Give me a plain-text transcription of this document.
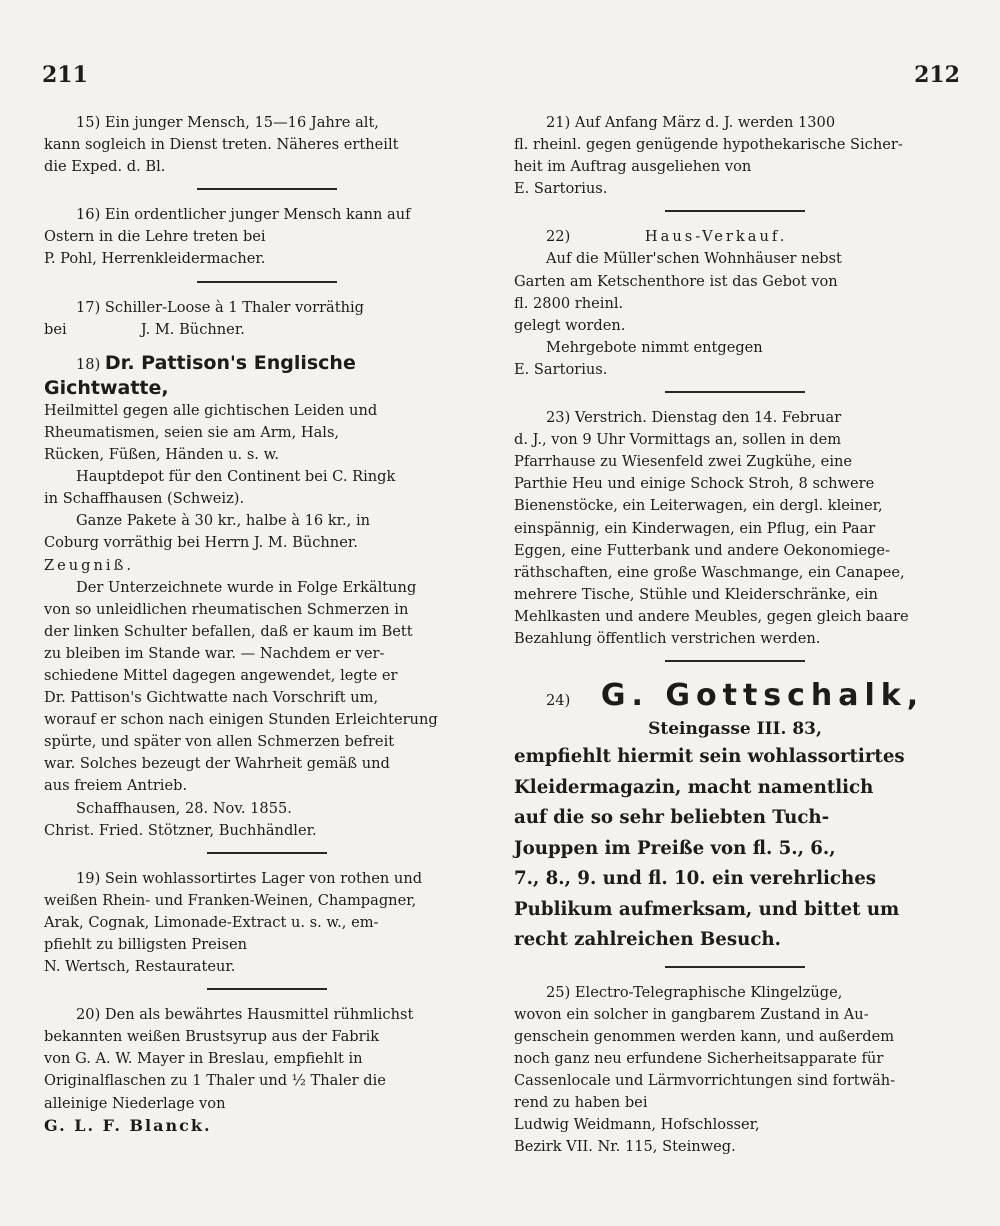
211	212

15) Ein junger Mensch, 15—16 Jahre alt,

kann sogleich in Dienst treten. Näheres ertheilt

die Exped. d. Bl.

16) Ein ordentlicher junger Mensch kann auf

Ostern in die Lehre treten bei

P. Pohl, Herrenkleidermacher.

17) Schiller-Loose à 1 Thaler vorräthig

bei                J. M. Büchner.

18) Dr. Pattison's Englische

Gichtwatte,

Heilmittel gegen alle gichtischen Leiden und

Rheumatismen, seien sie am Arm, Hals,

Rücken, Füßen, Händen u. s. w.

Hauptdepot für den Continent bei C. Ringk

in Schaffhausen (Schweiz).

Ganze Pakete à 30 kr., halbe à 16 kr., in

Coburg vorräthig bei Herrn J. M. Büchner.

Zeugniß.

Der Unterzeichnete wurde in Folge Erkältung

von so unleidlichen rheumatischen Schmerzen in

der linken Schulter befallen, daß er kaum im Bett

zu bleiben im Stande war. — Nachdem er ver-

schiedene Mittel dagegen angewendet, legte er

Dr. Pattison's Gichtwatte nach Vorschrift um,

worauf er schon nach einigen Stunden Erleichterung

spürte, und später von allen Schmerzen befreit

war. Solches bezeugt der Wahrheit gemäß und

aus freiem Antrieb.

Schaffhausen, 28. Nov. 1855.

Christ. Fried. Stötzner, Buchhändler.

19) Sein wohlassortirtes Lager von rothen und

weißen Rhein- und Franken-Weinen, Champagner,

Arak, Cognak, Limonade-Extract u. s. w., em-

pfiehlt zu billigsten Preisen

N. Wertsch, Restaurateur.

20) Den als bewährtes Hausmittel rühmlichst

bekannten weißen Brustsyrup aus der Fabrik

von G. A. W. Mayer in Breslau, empfiehlt in

Originalflaschen zu 1 Thaler und ½ Thaler die

alleinige Niederlage von

G. L. F. Blanck.

21) Auf Anfang März d. J. werden 1300

fl. rheinl. gegen genügende hypothekarische Sicher-

heit im Auftrag ausgeliehen von

E. Sartorius.

22)	Haus-Verkauf.

Auf die Müller'schen Wohnhäuser nebst

Garten am Ketschenthore ist das Gebot von

fl. 2800 rheinl.

gelegt worden.

Mehrgebote nimmt entgegen

E. Sartorius.

23) Verstrich. Dienstag den 14. Februar

d. J., von 9 Uhr Vormittags an, sollen in dem

Pfarrhause zu Wiesenfeld zwei Zugkühe, eine

Parthie Heu und einige Schock Stroh, 8 schwere

Bienenstöcke, ein Leiterwagen, ein dergl. kleiner,

einspännig, ein Kinderwagen, ein Pflug, ein Paar

Eggen, eine Futterbank und andere Oekonomiege-

räthschaften, eine große Waschmange, ein Canapee,

mehrere Tische, Stühle und Kleiderschränke, ein

Mehlkasten und andere Meubles, gegen gleich baare

Bezahlung öffentlich verstrichen werden.

24) G. Gottschalk,

Steingasse III. 83,

empfiehlt hiermit sein wohlassortirtes

Kleidermagazin, macht namentlich

auf die so sehr beliebten Tuch-

Jouppen im Preiße von fl. 5., 6.,

7., 8., 9. und fl. 10. ein verehrliches

Publikum aufmerksam, und bittet um

recht zahlreichen Besuch.

25) Electro-Telegraphische Klingelzüge,

wovon ein solcher in gangbarem Zustand in Au-

genschein genommen werden kann, und außerdem

noch ganz neu erfundene Sicherheitsapparate für

Cassenlocale und Lärmvorrichtungen sind fortwäh-

rend zu haben bei

Ludwig Weidmann, Hofschlosser,

Bezirk VII. Nr. 115, Steinweg.
